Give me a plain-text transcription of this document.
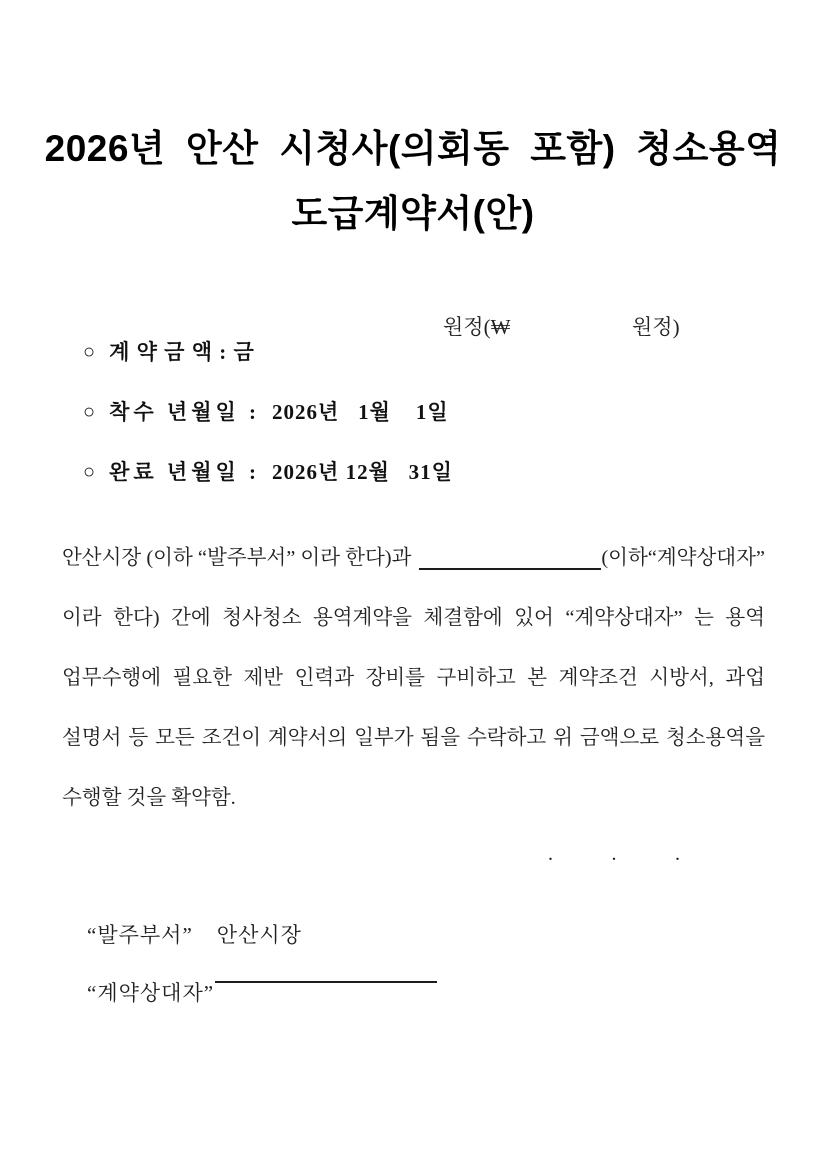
2026년 안산 시청사(의회동 포함) 청소용역
도급계약서(안)

○ 계 약 금 액 : 금

원정(₩

	원정)

○ 착수 년월일 : 2026년   1월    1일

○ 완료 년월일 : 2026년 12월   31일

안산시장 (이하 “발주부서” 이라 한다)과	(이하“계약상대자”
이라 한다) 간에 청사청소 용역계약을 체결함에 있어 “계약상대자” 는 용역
업무수행에 필요한 제반 인력과 장비를 구비하고 본 계약조건 시방서, 과업
설명서 등 모든 조건이 계약서의 일부가 됨을 수락하고 위 금액으로 청소용역을
수행할 것을 확약함.
.	.	.

“발주부서” 안산시장

“계약상대자”
